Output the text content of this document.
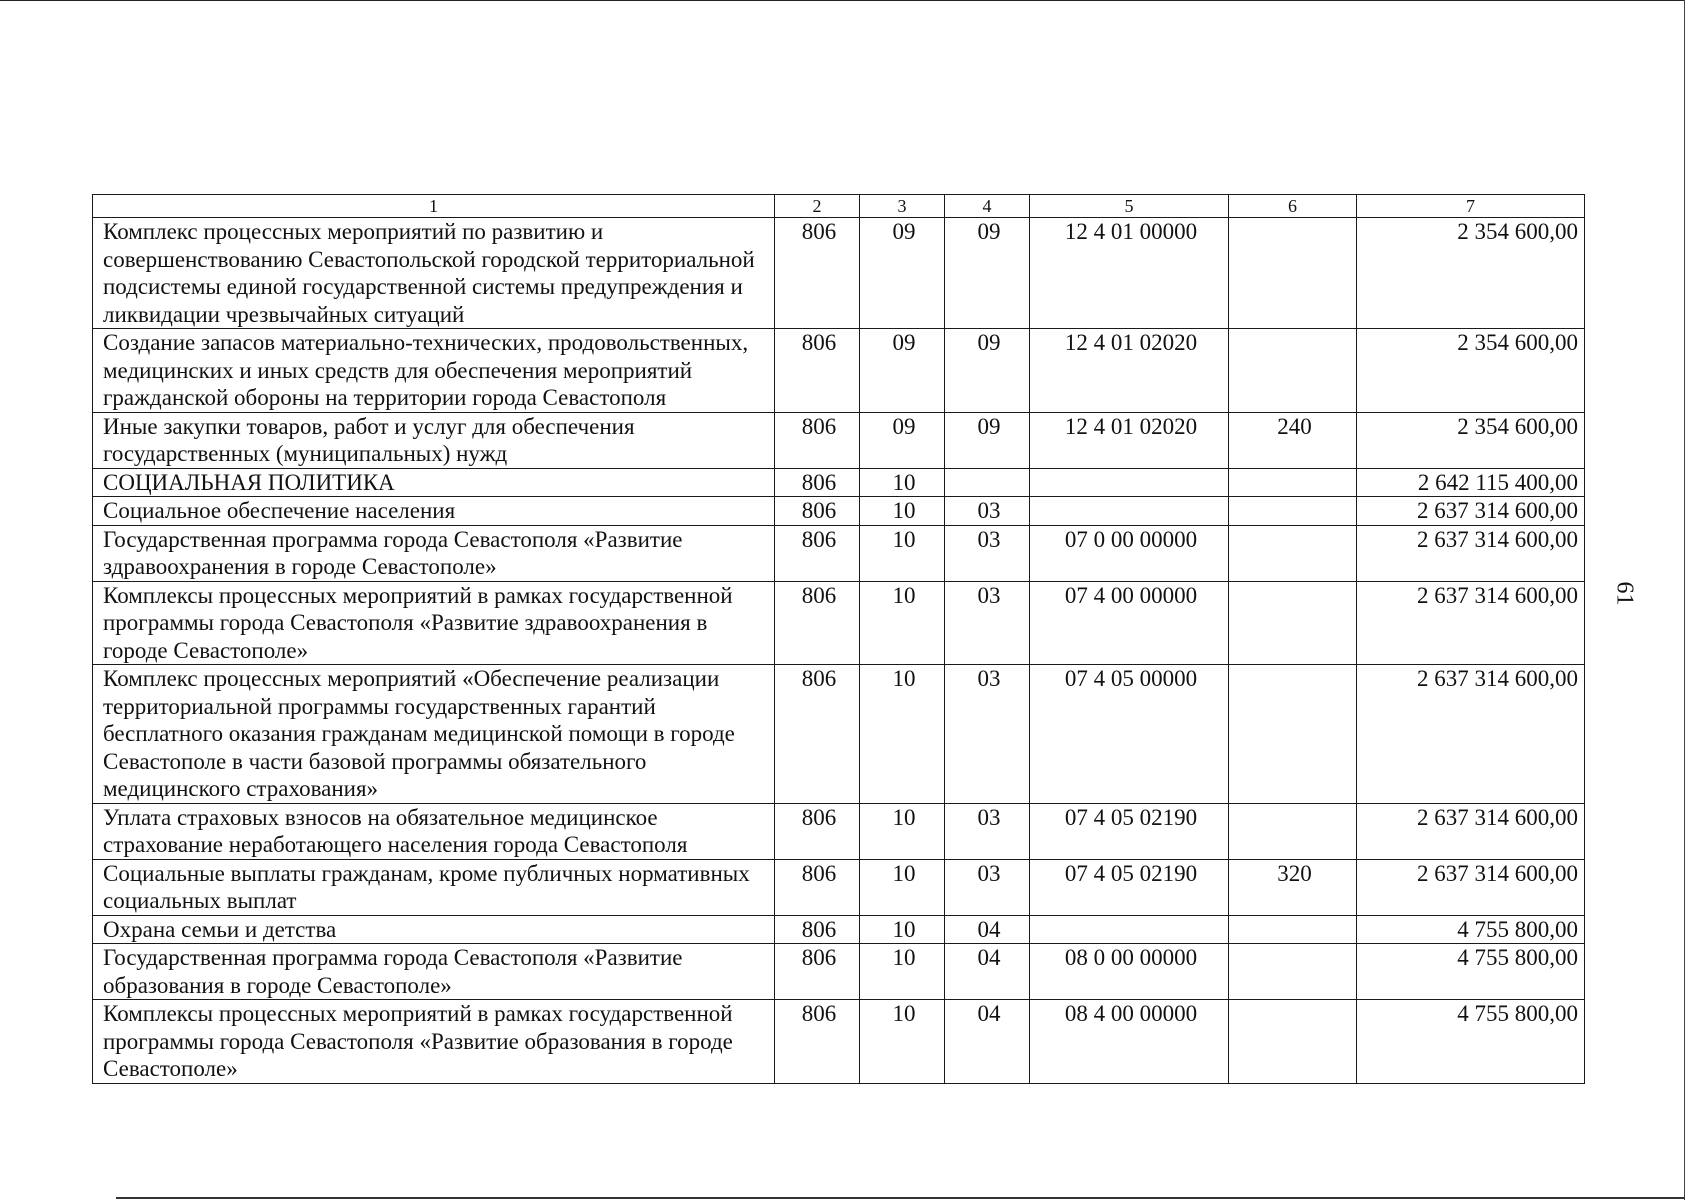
1	2	3	4	5	6	7
Комплекс процессных мероприятий по развитию и совершенствованию Севастопольской городской территориальной подсистемы единой государственной системы предупреждения и ликвидации чрезвычайных ситуаций	806	09	09	12 4 01 00000		2 354 600,00
Создание запасов материально-технических, продовольственных, медицинских и иных средств для обеспечения мероприятий гражданской обороны на территории города Севастополя	806	09	09	12 4 01 02020		2 354 600,00
Иные закупки товаров, работ и услуг для обеспечения государственных (муниципальных) нужд	806	09	09	12 4 01 02020	240	2 354 600,00
СОЦИАЛЬНАЯ ПОЛИТИКА	806	10				2 642 115 400,00
Социальное обеспечение населения	806	10	03			2 637 314 600,00
Государственная программа города Севастополя «Развитие здравоохранения в городе Севастополе»	806	10	03	07 0 00 00000		2 637 314 600,00
Комплексы процессных мероприятий в рамках государственной программы города Севастополя «Развитие здравоохранения в городе Севастополе»	806	10	03	07 4 00 00000		2 637 314 600,00
Комплекс процессных мероприятий «Обеспечение реализации территориальной программы государственных гарантий бесплатного оказания гражданам медицинской помощи в городе Севастополе в части базовой программы обязательного медицинского страхования»	806	10	03	07 4 05 00000		2 637 314 600,00
Уплата страховых взносов на обязательное медицинское страхование неработающего населения города Севастополя	806	10	03	07 4 05 02190		2 637 314 600,00
Социальные выплаты гражданам, кроме публичных нормативных социальных выплат	806	10	03	07 4 05 02190	320	2 637 314 600,00
Охрана семьи и детства	806	10	04			4 755 800,00
Государственная программа города Севастополя «Развитие образования в городе Севастополе»	806	10	04	08 0 00 00000		4 755 800,00
Комплексы процессных мероприятий в рамках государственной программы города Севастополя «Развитие образования в городе Севастополе»	806	10	04	08 4 00 00000		4 755 800,00
61
